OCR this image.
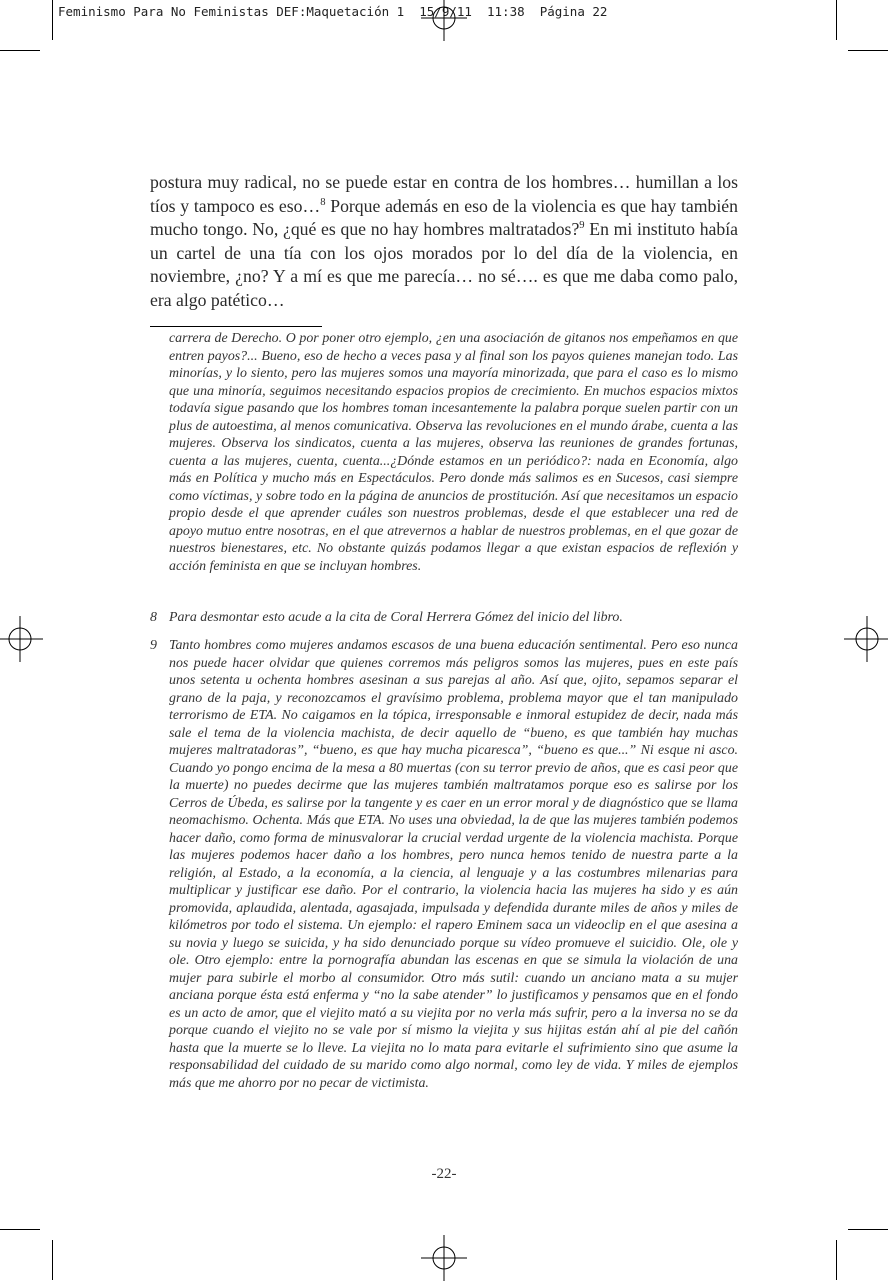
Feminismo Para No Feministas DEF:Maquetación 1 15/9/11 11:38 Página 22

postura muy radical, no se puede estar en contra de los hombres… humillan a los tíos y tampoco es eso…$^8$ Porque además en eso de la violencia es que hay también mucho tongo. No, ¿qué es que no hay hombres maltratados?$^9$ En mi instituto había un cartel de una tía con los ojos morados por lo del día de la violencia, en noviembre, ¿no? Y a mí es que me parecía… no sé…. es que me daba como palo, era algo patético…

carrera de Derecho. O por poner otro ejemplo, ¿en una asociación de gitanos nos empeñamos en que entren payos?... Bueno, eso de hecho a veces pasa y al final son los payos quienes manejan todo. Las minorías, y lo siento, pero las mujeres somos una mayoría minorizada, que para el caso es lo mismo que una minoría, seguimos necesitando espacios propios de crecimiento. En muchos espacios mixtos todavía sigue pasando que los hombres toman incesantemente la palabra porque suelen partir con un plus de autoestima, al menos comunicativa. Observa las revoluciones en el mundo árabe, cuenta a las mujeres. Observa los sindicatos, cuenta a las mujeres, observa las reuniones de grandes fortunas, cuenta a las mujeres, cuenta, cuenta...¿Dónde estamos en un periódico?: nada en Economía, algo más en Política y mucho más en Espectáculos. Pero donde más salimos es en Sucesos, casi siempre como víctimas, y sobre todo en la página de anuncios de prostitución. Así que necesitamos un espacio propio desde el que aprender cuáles son nuestros problemas, desde el que establecer una red de apoyo mutuo entre nosotras, en el que atrevernos a hablar de nuestros problemas, en el que gozar de nuestros bienestares, etc. No obstante quizás podamos llegar a que existan espacios de reflexión y acción feminista en que se incluyan hombres.

8 Para desmontar esto acude a la cita de Coral Herrera Gómez del inicio del libro.
9 Tanto hombres como mujeres andamos escasos de una buena educación sentimental. Pero eso nunca nos puede hacer olvidar que quienes corremos más peligros somos las mujeres, pues en este país unos setenta u ochenta hombres asesinan a sus parejas al año. Así que, ojito, sepamos separar el grano de la paja, y reconozcamos el gravísimo problema, problema mayor que el tan manipulado terrorismo de ETA. No caigamos en la tópica, irresponsable e inmoral estupidez de decir, nada más sale el tema de la violencia machista, de decir aquello de “bueno, es que también hay muchas mujeres maltratadoras”, “bueno, es que hay mucha picaresca”, “bueno es que...” Ni esque ni asco. Cuando yo pongo encima de la mesa a 80 muertas (con su terror previo de años, que es casi peor que la muerte) no puedes decirme que las mujeres también maltratamos porque eso es salirse por los Cerros de Úbeda, es salirse por la tangente y es caer en un error moral y de diagnóstico que se llama neomachismo. Ochenta. Más que ETA. No uses una obviedad, la de que las mujeres también podemos hacer daño, como forma de minusvalorar la crucial verdad urgente de la violencia machista. Porque las mujeres podemos hacer daño a los hombres, pero nunca hemos tenido de nuestra parte a la religión, al Estado, a la economía, a la ciencia, al lenguaje y a las costumbres milenarias para multiplicar y justificar ese daño. Por el contrario, la violencia hacia las mujeres ha sido y es aún promovida, aplaudida, alentada, agasajada, impulsada y defendida durante miles de años y miles de kilómetros por todo el sistema. Un ejemplo: el rapero Eminem saca un videoclip en el que asesina a su novia y luego se suicida, y ha sido denunciado porque su vídeo promueve el suicidio. Ole, ole y ole. Otro ejemplo: entre la pornografía abundan las escenas en que se simula la violación de una mujer para subirle el morbo al consumidor. Otro más sutil: cuando un anciano mata a su mujer anciana porque ésta está enferma y “no la sabe atender” lo justificamos y pensamos que en el fondo es un acto de amor, que el viejito mató a su viejita por no verla más sufrir, pero a la inversa no se da porque cuando el viejito no se vale por sí mismo la viejita y sus hijitas están ahí al pie del cañón hasta que la muerte se lo lleve. La viejita no lo mata para evitarle el sufrimiento sino que asume la responsabilidad del cuidado de su marido como algo normal, como ley de vida. Y miles de ejemplos más que me ahorro por no pecar de victimista.
-22-
